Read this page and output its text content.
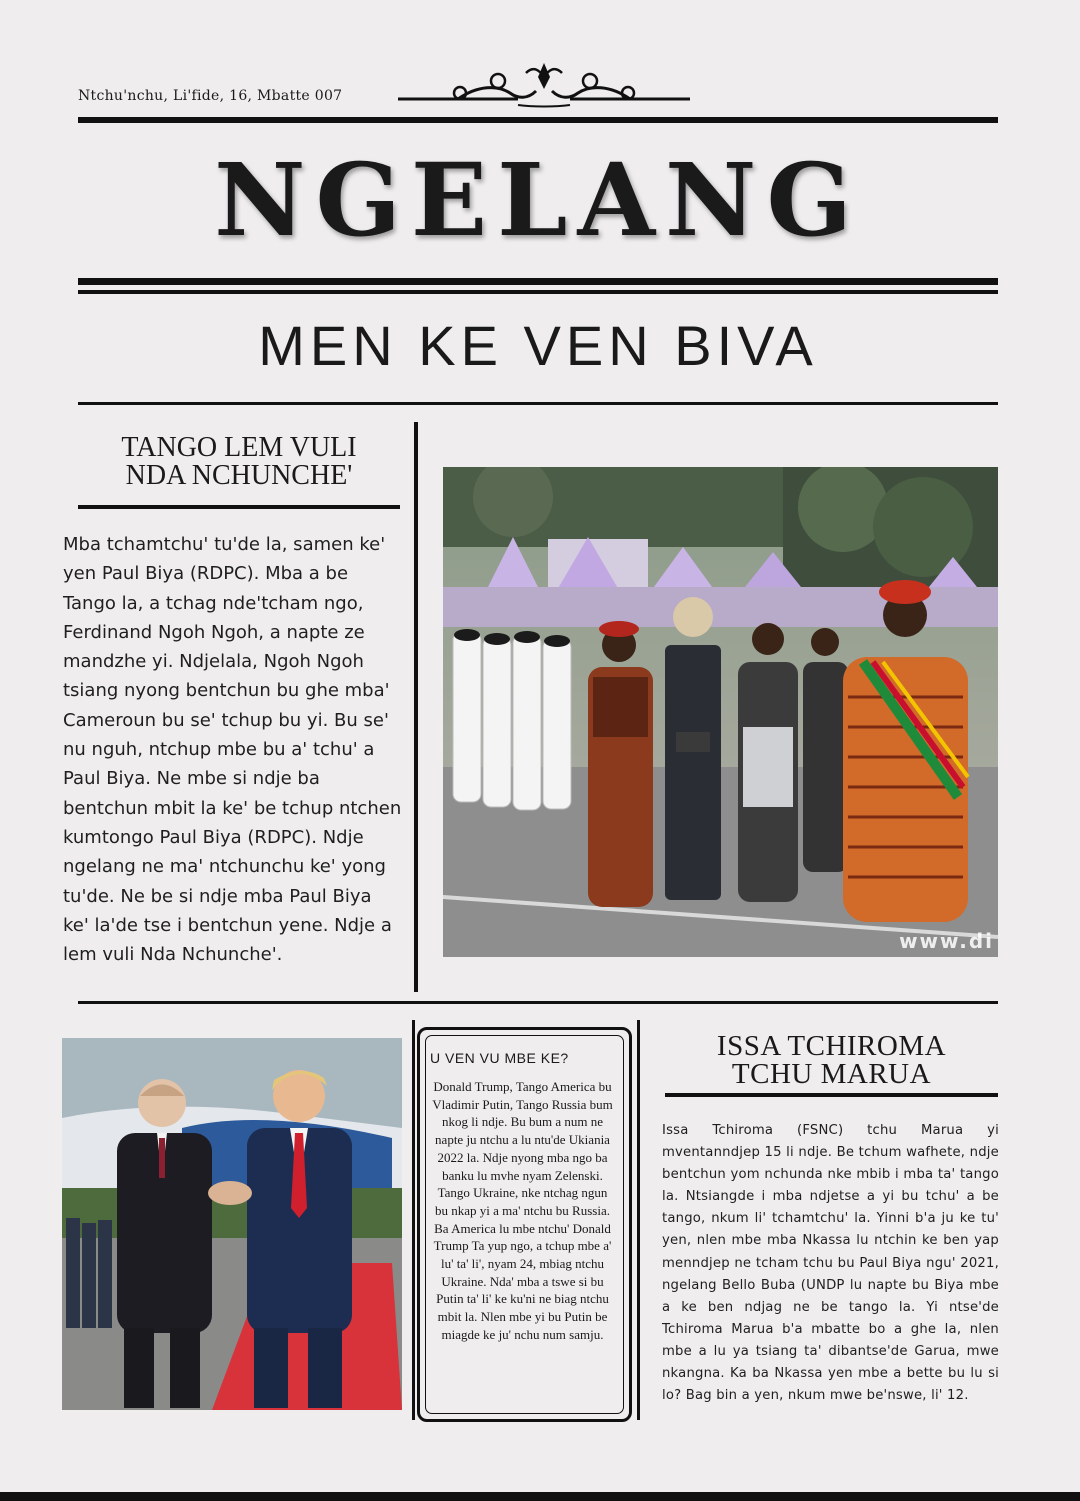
Ntchu'nchu, Li'fide, 16, Mbatte 007
NGELANG
MEN KE VEN BIVA
TANGO LEM VULI
NDA NCHUNCHE'
Mba tchamtchu' tu'de la, samen ke' yen Paul Biya (RDPC). Mba a be Tango la, a tchag nde'tcham ngo, Ferdinand Ngoh Ngoh, a napte ze mandzhe yi. Ndjelala, Ngoh Ngoh tsiang nyong bentchun bu ghe mba' Cameroun bu se' tchup bu yi. Bu se' nu nguh, ntchup mbe bu a' tchu' a Paul Biya. Ne mbe si ndje ba bentchun mbit la ke' be tchup ntchen kumtongo Paul Biya (RDPC). Ndje ngelang ne ma' ntchunchu ke' yong tu'de. Ne be si ndje mba Paul Biya ke' la'de tse i bentchun yene. Ndje a lem vuli Nda Nchunche'.
www.di
U VEN VU MBE KE?
Donald Trump, Tango America bu Vladimir Putin, Tango Russia bum nkog li ndje. Bu bum a num ne napte ju ntchu a lu ntu'de Ukiania 2022 la. Ndje nyong mba ngo ba banku lu mvhe nyam Zelenski. Tango Ukraine, nke ntchag ngun bu nkap yi a ma' ntchu bu Russia. Ba America lu mbe ntchu' Donald Trump Ta yup ngo, a tchup mbe a' lu' ta' li', nyam 24, mbiag ntchu Ukraine. Nda' mba a tswe si bu Putin ta' li' ke ku'ni ne biag ntchu mbit la. Nlen mbe yi bu Putin be miagde ke ju' nchu num samju.
ISSA TCHIROMA
TCHU MARUA
Issa Tchiroma (FSNC) tchu Marua yi mventanndjep 15 li ndje. Be tchum wafhete, ndje bentchun yom nchunda nke mbib i mba ta' tango la. Ntsiangde i mba ndjetse a yi bu tchu' a be tango, nkum li' tchamtchu' la. Yinni b'a ju ke tu' yen, nlen mbe mba Nkassa lu ntchin ke ben yap menndjep ne tcham tchu bu Paul Biya ngu' 2021, ngelang Bello Buba (UNDP lu napte bu Biya mbe a ke ben ndjag ne be tango la. Yi ntse'de Tchiroma Marua b'a mbatte bo a ghe la, nlen mbe a lu ya tsiang ta' dibantse'de Garua, mwe nkangna. Ka ba Nkassa yen mbe a bette bu lu si lo? Bag bin a yen, nkum mwe be'nswe, li' 12.
